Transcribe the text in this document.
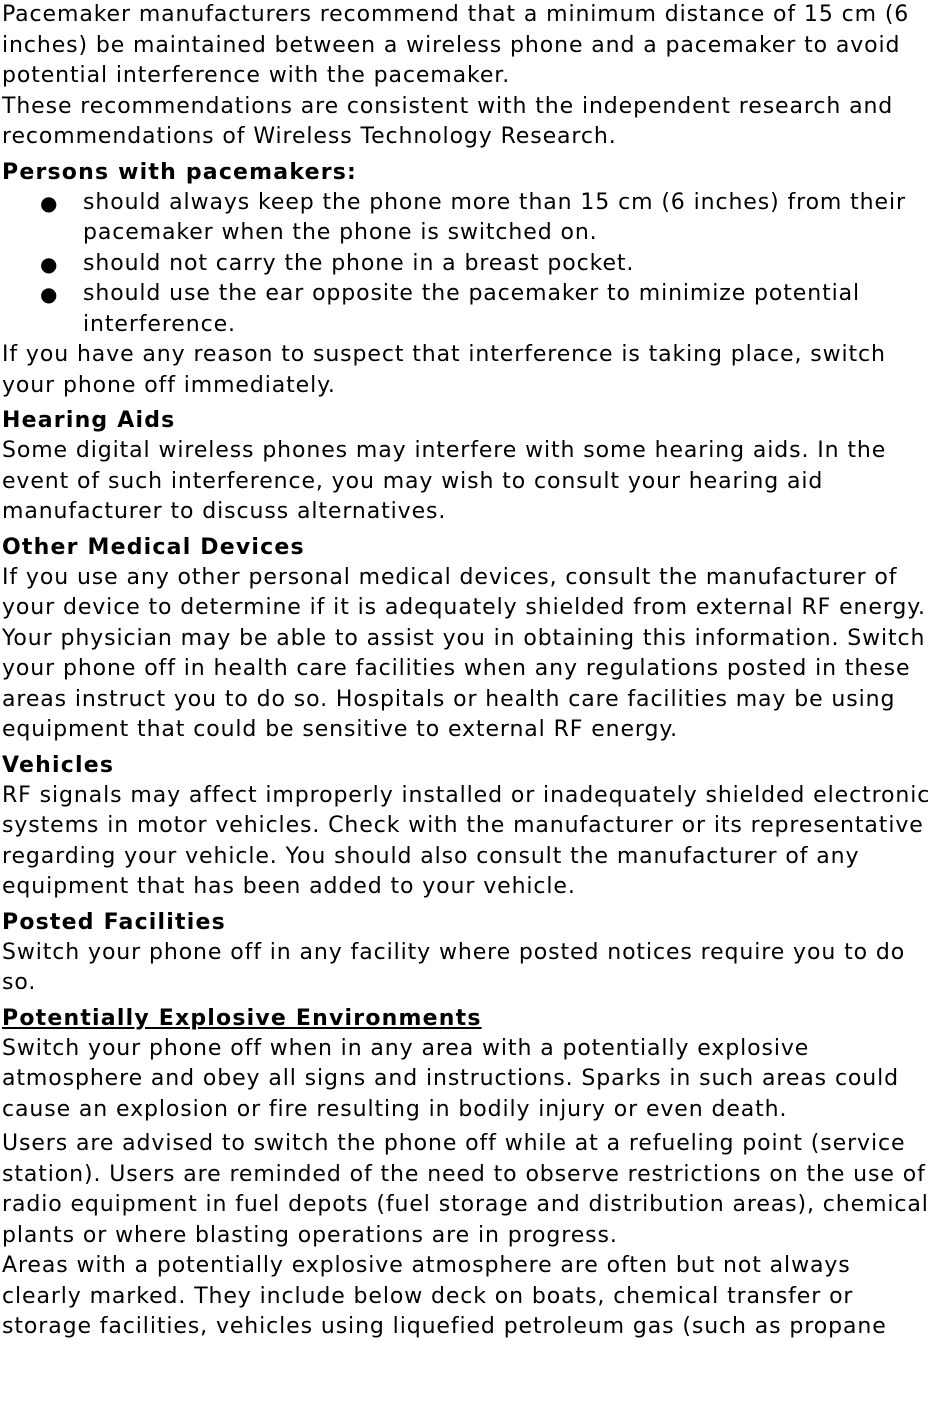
Pacemaker manufacturers recommend that a minimum distance of 15 cm (6 inches) be maintained between a wireless phone and a pacemaker to avoid potential interference with the pacemaker.

These recommendations are consistent with the independent research and recommendations of Wireless Technology Research.

Persons with pacemakers:
● should always keep the phone more than 15 cm (6 inches) from their pacemaker when the phone is switched on.
● should not carry the phone in a breast pocket.
● should use the ear opposite the pacemaker to minimize potential interference.

If you have any reason to suspect that interference is taking place, switch your phone off immediately.

Hearing Aids

Some digital wireless phones may interfere with some hearing aids. In the event of such interference, you may wish to consult your hearing aid manufacturer to discuss alternatives.

Other Medical Devices

If you use any other personal medical devices, consult the manufacturer of your device to determine if it is adequately shielded from external RF energy. Your physician may be able to assist you in obtaining this information. Switch your phone off in health care facilities when any regulations posted in these areas instruct you to do so. Hospitals or health care facilities may be using equipment that could be sensitive to external RF energy.

Vehicles

RF signals may affect improperly installed or inadequately shielded electronic systems in motor vehicles. Check with the manufacturer or its representative regarding your vehicle. You should also consult the manufacturer of any equipment that has been added to your vehicle.

Posted Facilities

Switch your phone off in any facility where posted notices require you to do so.

Potentially Explosive Environments

Switch your phone off when in any area with a potentially explosive atmosphere and obey all signs and instructions. Sparks in such areas could cause an explosion or fire resulting in bodily injury or even death.

Users are advised to switch the phone off while at a refueling point (service station). Users are reminded of the need to observe restrictions on the use of radio equipment in fuel depots (fuel storage and distribution areas), chemical plants or where blasting operations are in progress.

Areas with a potentially explosive atmosphere are often but not always clearly marked. They include below deck on boats, chemical transfer or storage facilities, vehicles using liquefied petroleum gas (such as propane
